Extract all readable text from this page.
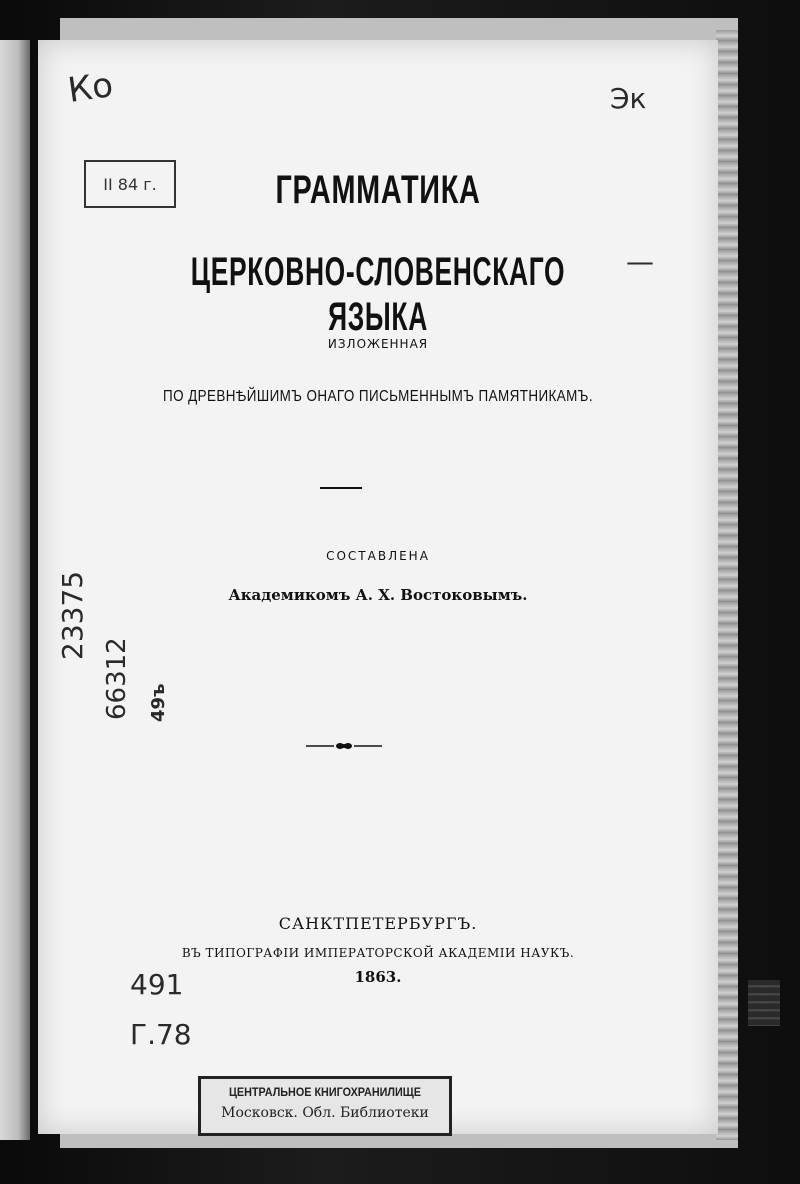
Ко	Эк
—
II 84 г.	ГРАММАТИКА
ЦЕРКОВНО-СЛОВЕНСКАГО ЯЗЫКА
ИЗЛОЖЕННАЯ
ПО ДРЕВНѢЙШИМЪ ОНАГО ПИСЬМЕННЫМЪ ПАМЯТНИКАМЪ.
СОСТАВЛЕНА
Академикомъ А. Х. Востоковымъ.
23375
66312 49ъ
САНКТПЕТЕРБУРГЪ.
ВЪ ТИПОГРАФІИ ИМПЕРАТОРСКОЙ АКАДЕМІИ НАУКЪ.
1863.
491
Г.78
ЦЕНТРАЛЬНОЕ КНИГОХРАНИЛИЩЕ
Московск. Обл. Библиотеки
